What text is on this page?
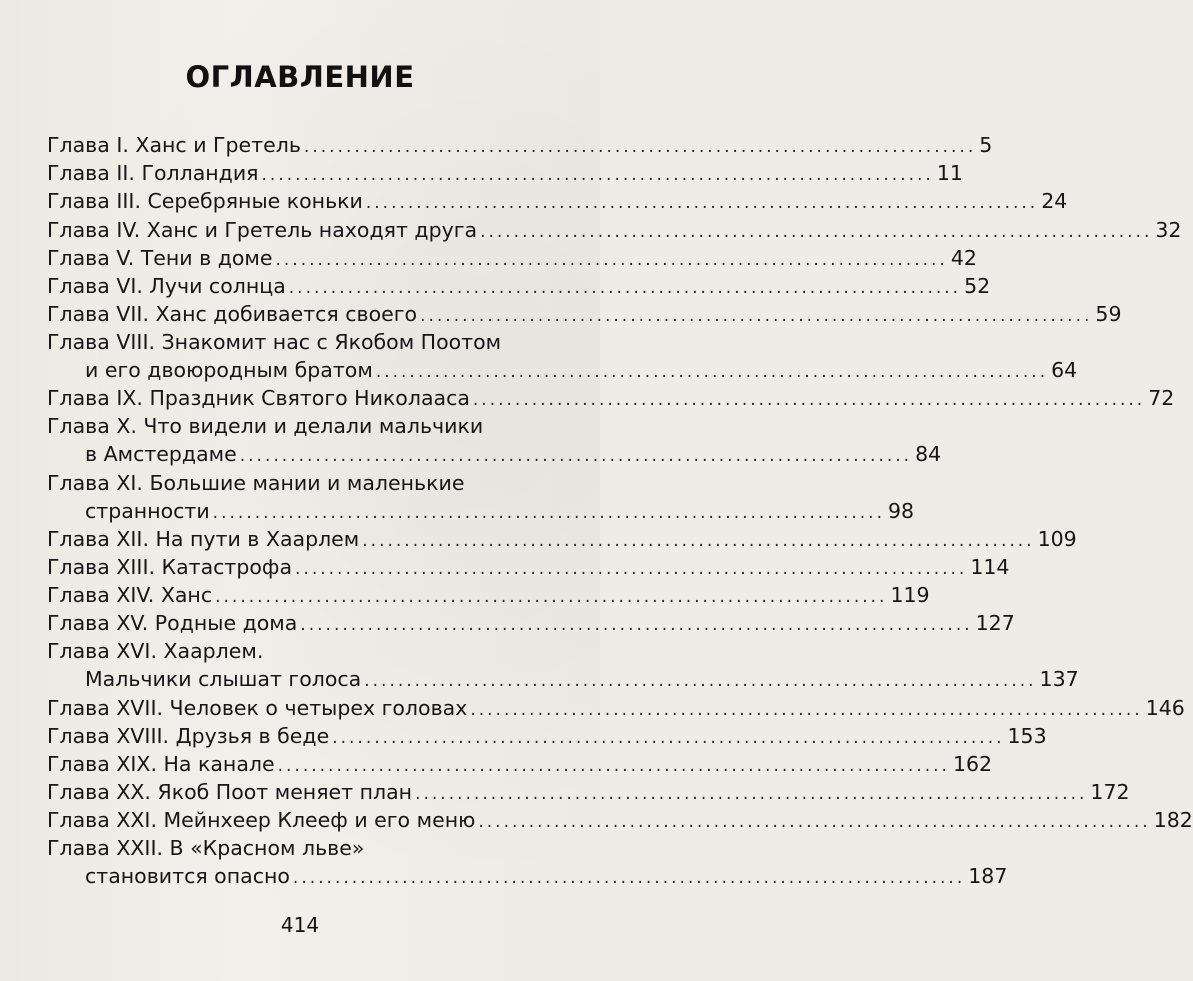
ОГЛАВЛЕНИЕ
Глава I. Ханс и Гретель ................................................................................ 5
Глава II. Голландия ................................................................................ 11
Глава III. Серебряные коньки ................................................................................ 24
Глава IV. Ханс и Гретель находят друга ................................................................................ 32
Глава V. Тени в доме ................................................................................ 42
Глава VI. Лучи солнца ................................................................................ 52
Глава VII. Ханс добивается своего ................................................................................ 59
Глава VIII. Знакомит нас с Якобом Поотом
и его двоюродным братом ................................................................................ 64
Глава IX. Праздник Святого Николааса ................................................................................ 72
Глава X. Что видели и делали мальчики
в Амстердаме ................................................................................ 84
Глава XI. Большие мании и маленькие
странности ................................................................................ 98
Глава XII. На пути в Хаарлем ................................................................................ 109
Глава XIII. Катастрофа ................................................................................ 114
Глава XIV. Ханс ................................................................................ 119
Глава XV. Родные дома ................................................................................ 127
Глава XVI. Хаарлем.
Мальчики слышат голоса ................................................................................ 137
Глава XVII. Человек о четырех головах ................................................................................ 146
Глава XVIII. Друзья в беде ................................................................................ 153
Глава XIX. На канале ................................................................................ 162
Глава XX. Якоб Поот меняет план ................................................................................ 172
Глава XXI. Мейнхеер Клееф и его меню ................................................................................ 182
Глава XXII. В «Красном льве»
становится опасно ................................................................................ 187
414
